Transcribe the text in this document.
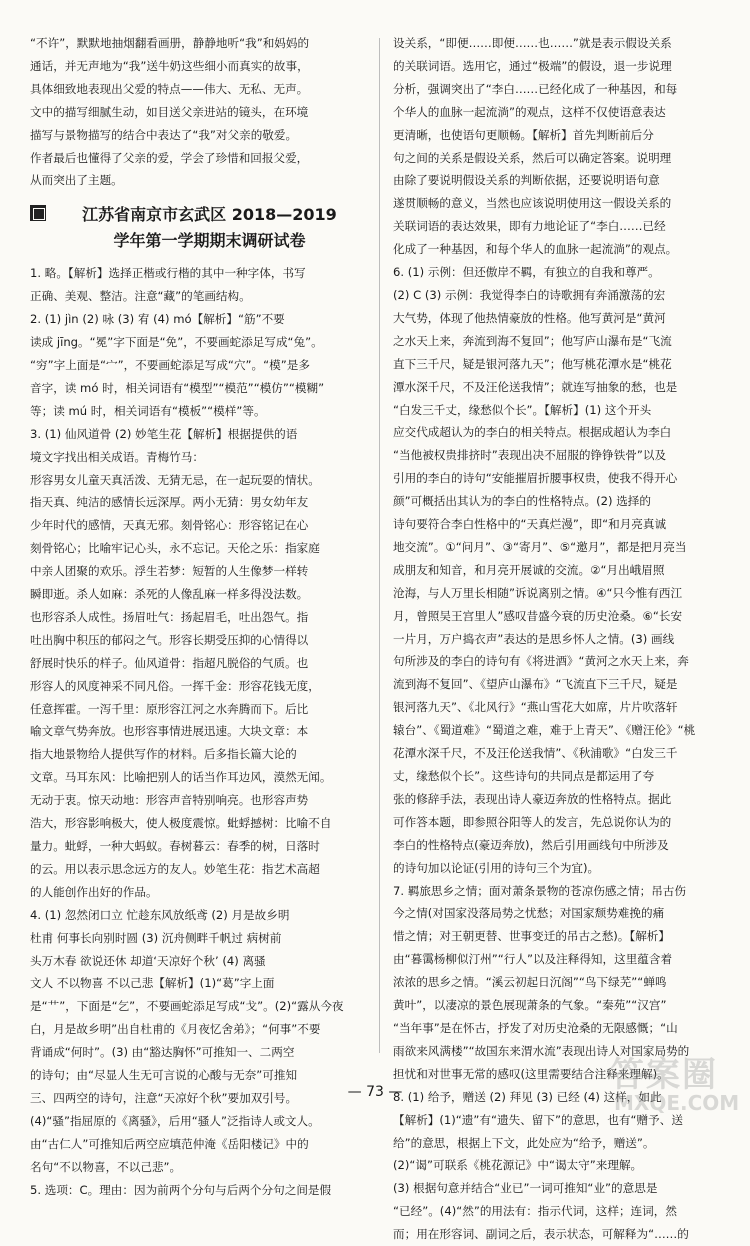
“不许”，默默地抽烟翻看画册，静静地听“我”和妈妈的

通话，并无声地为“我”送牛奶这些细小而真实的故事，

具体细致地表现出父爱的特点——伟大、无私、无声。

文中的描写细腻生动，如目送父亲进站的镜头，在环境

描写与景物描写的结合中表达了“我”对父亲的敬爱。

作者最后也懂得了父亲的爱，学会了珍惜和回报父爱，

从而突出了主题。

江苏省南京市玄武区 2018—2019
学年第一学期期末调研试卷

1. 略。【解析】选择正楷或行楷的其中一种字体，书写

正确、美观、整洁。注意“藏”的笔画结构。

2. (1) jìn (2) 咏 (3) 宥 (4) mó【解析】“筋”不要

读成 jīng。“冕”字下面是“免”，不要画蛇添足写成“兔”。

“穷”字上面是“宀”，不要画蛇添足写成“穴”。“模”是多

音字，读 mó 时，相关词语有“模型”“模范”“模仿”“模糊”

等；读 mú 时，相关词语有“模板”“模样”等。

3. (1) 仙风道骨 (2) 妙笔生花【解析】根据提供的语

境文字找出相关成语。青梅竹马：

形容男女儿童天真活泼、无猜无忌，在一起玩耍的情状。

指天真、纯洁的感情长远深厚。两小无猜：男女幼年友

少年时代的感情，天真无邪。刻骨铭心：形容铭记在心

刻骨铭心；比喻牢记心头，永不忘记。天伦之乐：指家庭

中亲人团聚的欢乐。浮生若梦：短暂的人生像梦一样转

瞬即逝。杀人如麻：杀死的人像乱麻一样多得没法数。

也形容杀人成性。扬眉吐气：扬起眉毛，吐出怨气。指

吐出胸中积压的郁闷之气。形容长期受压抑的心情得以

舒展时快乐的样子。仙风道骨：指超凡脱俗的气质。也

形容人的风度神采不同凡俗。一挥千金：形容花钱无度，

任意挥霍。一泻千里：原形容江河之水奔腾而下。后比

喻文章气势奔放。也形容事情进展迅速。大块文章：本

指大地景物给人提供写作的材料。后多指长篇大论的

文章。马耳东风：比喻把别人的话当作耳边风，漠然无闻。

无动于衷。惊天动地：形容声音特别响亮。也形容声势

浩大，形容影响极大，使人极度震惊。蚍蜉撼树：比喻不自

量力。蚍蜉，一种大蚂蚁。春树暮云：春季的树，日落时

的云。用以表示思念远方的友人。妙笔生花：指艺术高超

的人能创作出好的作品。

4. (1) 忽然闭口立 忙趁东风放纸鸢 (2) 月是故乡明

杜甫 何事长向别时圆 (3) 沉舟侧畔千帆过 病树前

头万木春 欲说还休 却道‘天凉好个秋’ (4) 离骚

文人 不以物喜 不以己悲【解析】(1)“葛”字上面

是“艹”，下面是“乞”，不要画蛇添足写成“戈”。(2)“露从今夜

白，月是故乡明”出自杜甫的《月夜忆舍弟》；“何事”不要

背诵成“何时”。(3) 由“豁达胸怀”可推知一、二两空

的诗句；由“尽显人生无可言说的心酸与无奈”可推知

三、四两空的诗句，注意“天凉好个秋”要加双引号。

(4)“骚”指屈原的《离骚》，后用“骚人”泛指诗人或文人。

由“古仁人”可推知后两空应填范仲淹《岳阳楼记》中的

名句“不以物喜，不以己悲”。

5. 选项：C。理由：因为前两个分句与后两个分句之间是假

设关系，“即便……即便……也……”就是表示假设关系

的关联词语。选用它，通过“极端”的假设，退一步说理

分析，强调突出了“李白……已经化成了一种基因，和每

个华人的血脉一起流淌”的观点，这样不仅使语意表达

更清晰，也使语句更顺畅。【解析】首先判断前后分

句之间的关系是假设关系，然后可以确定答案。说明理

由除了要说明假设关系的判断依据，还要说明语句意

遂贯顺畅的意义，当然也应该说明使用这一假设关系的

关联词语的表达效果，即有力地论证了“李白……已经

化成了一种基因，和每个华人的血脉一起流淌”的观点。

6. (1) 示例：但还傲岸不羁，有独立的自我和尊严。

(2) C (3) 示例：我觉得李白的诗歌拥有奔涌激荡的宏

大气势，体现了他热情豪放的性格。他写黄河是“黄河

之水天上来，奔流到海不复回”；他写庐山瀑布是“飞流

直下三千尺，疑是银河落九天”；他写桃花潭水是“桃花

潭水深千尺，不及汪伦送我情”；就连写抽象的愁，也是

“白发三千丈，缘愁似个长”。【解析】(1) 这个开头

应交代成超认为的李白的相关特点。根据成超认为李白

“当他被权贵排挤时”表现出决不屈服的铮铮铁骨”以及

引用的李白的诗句“安能摧眉折腰事权贵，使我不得开心

颜”可概括出其认为的李白的性格特点。(2) 选择的

诗句要符合李白性格中的“天真烂漫”，即“和月亮真诚

地交流”。①“问月”、③“寄月”、⑤“邀月”，都是把月亮当

成朋友和知音，和月亮开展诚的交流。②“月出峨眉照

沧海，与人万里长相随”诉说离别之情。④“只今惟有西江

月，曾照吴王宫里人”感叹昔盛今衰的历史沧桑。⑥“长安

一片月，万户捣衣声”表达的是思乡怀人之情。(3) 画线

句所涉及的李白的诗句有《将进酒》“黄河之水天上来，奔

流到海不复回”、《望庐山瀑布》“飞流直下三千尺，疑是

银河落九天”、《北风行》“燕山雪花大如席，片片吹落轩

辕台”、《蜀道难》“蜀道之难，难于上青天”、《赠汪伦》“桃

花潭水深千尺，不及汪伦送我情”、《秋浦歌》“白发三千

丈，缘愁似个长”。这些诗句的共同点是都运用了夸

张的修辞手法，表现出诗人豪迈奔放的性格特点。据此

可作答本题，即参照谷阳等人的发言，先总说你认为的

李白的性格特点(豪迈奔放)，然后引用画线句中所涉及

的诗句加以论证(引用的诗句三个为宜)。

7. 羁旅思乡之情；面对萧条景物的苍凉伤感之情；吊古伤

今之情(对国家没落局势之忧愁；对国家颓势难挽的痛

惜之情；对王朝更替、世事变迁的吊古之愁)。【解析】

由“暮霭杨柳似汀州”“行人”以及注释得知，这里蕴含着

浓浓的思乡之情。“溪云初起日沉阁”“鸟下绿芜”“蝉鸣

黄叶”，以凄凉的景色展现萧条的气象。“秦苑”“汉宫”

“当年事”是在怀古，抒发了对历史沧桑的无限感慨；“山

雨欲来风满楼”“故国东来渭水流”表现出诗人对国家局势的

担忧和对世事无常的感叹(这里需要结合注释来理解)。

8. (1) 给予，赠送 (2) 拜见 (3) 已经 (4) 这样，如此

【解析】(1)“遗”有“遗失、留下”的意思，也有“赠予、送

给”的意思，根据上下文，此处应为“给予，赠送”。

(2)“谒”可联系《桃花源记》中“谒太守”来理解。

(3) 根据句意并结合“业已”一词可推知“业”的意思是

“已经”。(4)“然”的用法有：指示代词，这样；连词，然

而；用在形容词、副词之后，表示状态，可解释为“……的

— 73 —	答案圈
MXQE.COM
